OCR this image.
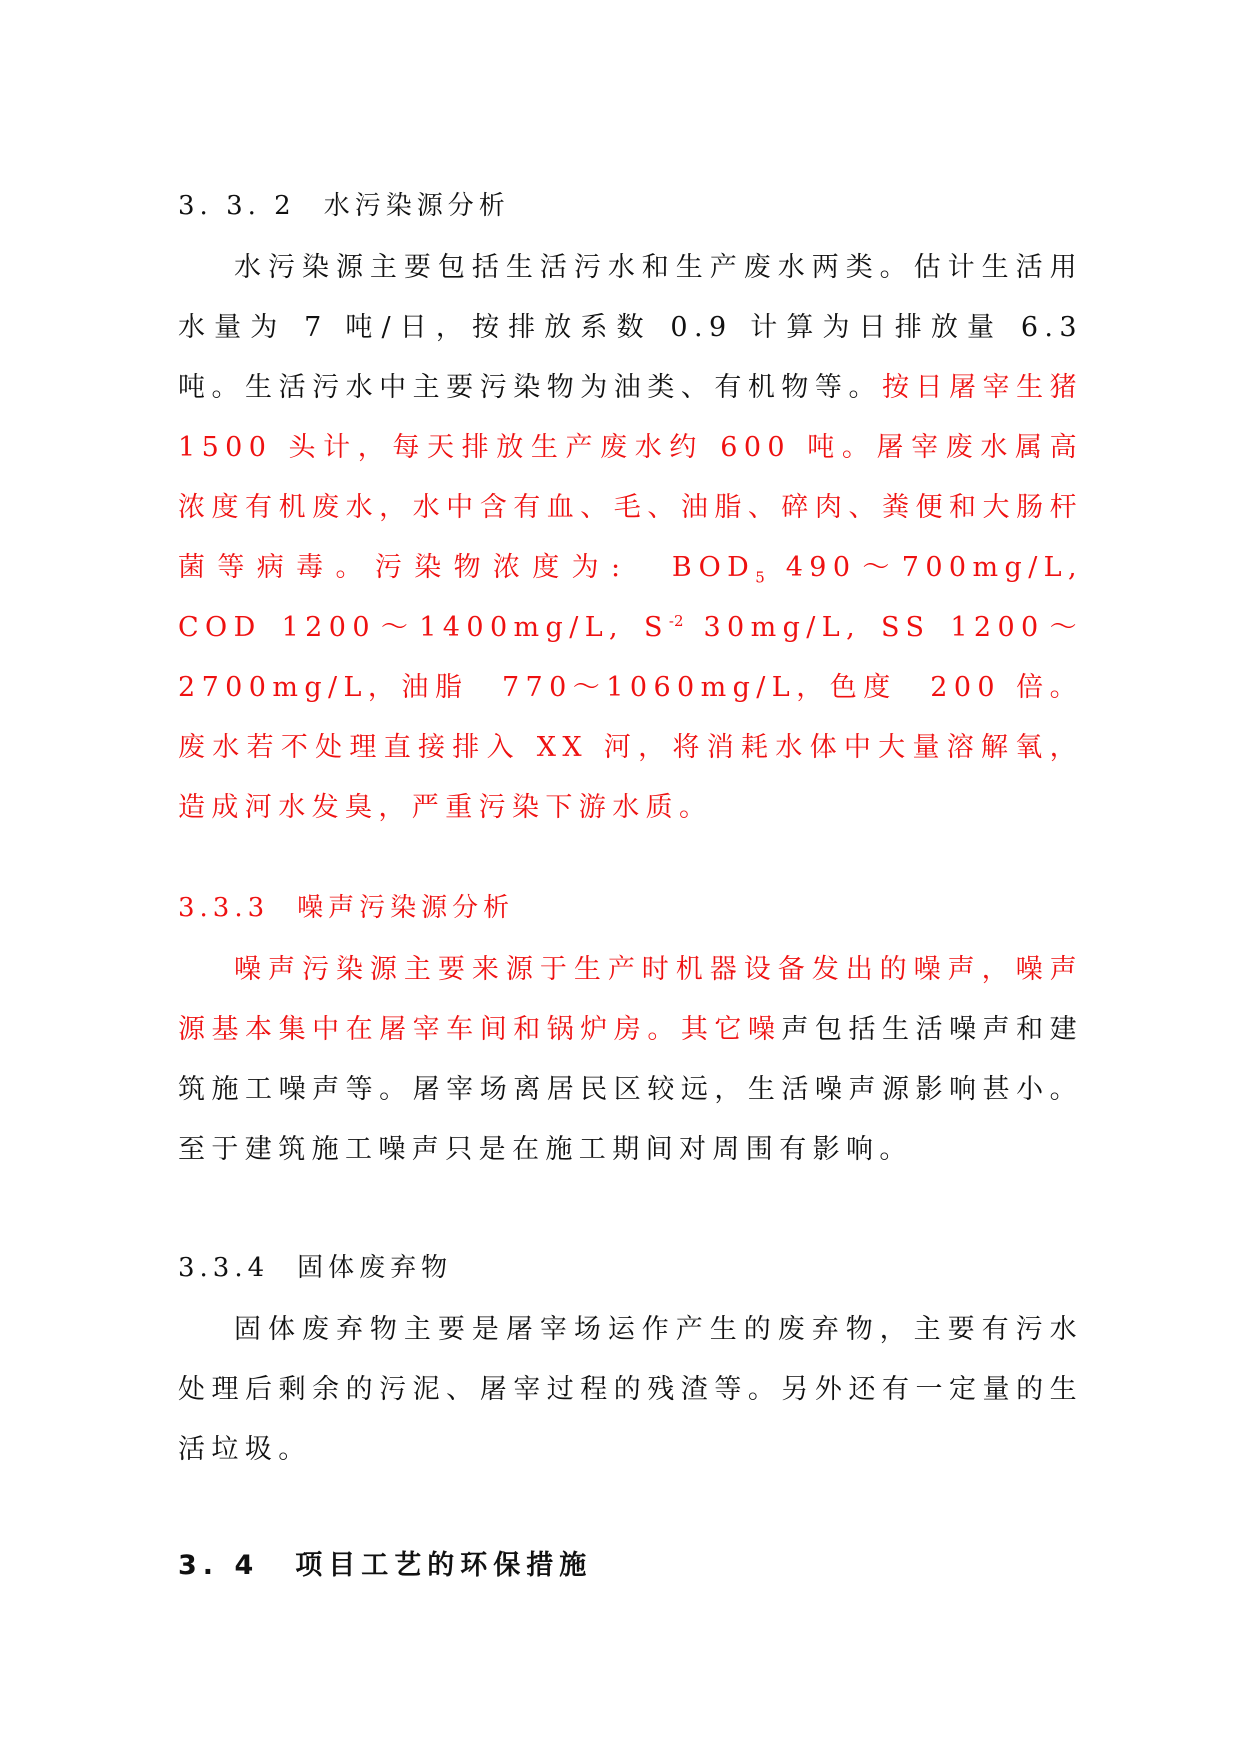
3. 3. 2 水污染源分析

水污染源主要包括生活污水和生产废水两类。估计生活用水量为 7 吨/日，按排放系数 0.9 计算为日排放量 6.3 吨。生活污水中主要污染物为油类、有机物等。按日屠宰生猪 1500 头计，每天排放生产废水约 600 吨。屠宰废水属高浓度有机废水，水中含有血、毛、油脂、碎肉、粪便和大肠杆菌等病毒。污染物浓度为:　$BOD_5$ 490～700mg/L, COD 1200～1400mg/L, $S^{-2}$ 30mg/L, SS 1200～2700mg/L，油脂　770～1060mg/L，色度　200 倍。废水若不处理直接排入 XX 河，将消耗水体中大量溶解氧，造成河水发臭，严重污染下游水质。

3.3.3 噪声污染源分析

噪声污染源主要来源于生产时机器设备发出的噪声，噪声源基本集中在屠宰车间和锅炉房。其它噪声包括生活噪声和建筑施工噪声等。屠宰场离居民区较远，生活噪声源影响甚小。至于建筑施工噪声只是在施工期间对周围有影响。

3.3.4 固体废弃物

固体废弃物主要是屠宰场运作产生的废弃物，主要有污水处理后剩余的污泥、屠宰过程的残渣等。另外还有一定量的生活垃圾。

3. 4 项目工艺的环保措施
